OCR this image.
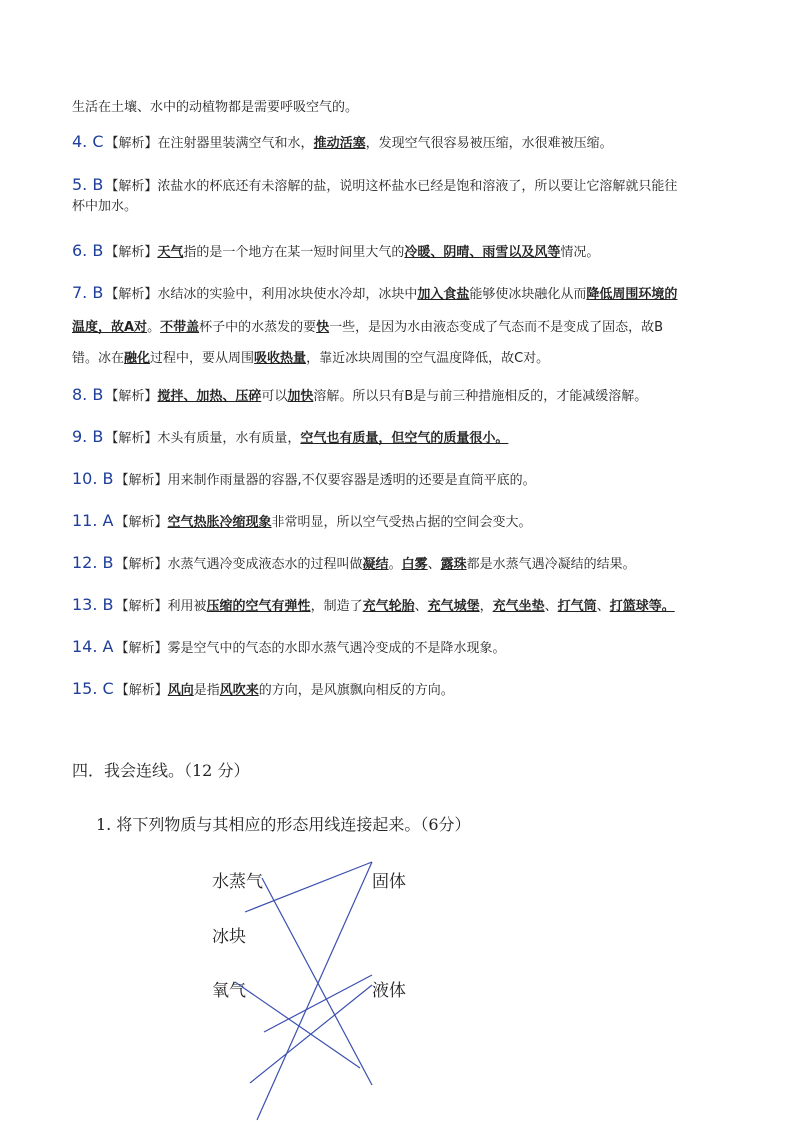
生活在土壤、水中的动植物都是需要呼吸空气的。
4. C 【解析】在注射器里装满空气和水，推动活塞，发现空气很容易被压缩，水很难被压缩。
5. B 【解析】浓盐水的杯底还有未溶解的盐，说明这杯盐水已经是饱和溶液了，所以要让它溶解就只能往
杯中加水。
6. B 【解析】天气指的是一个地方在某一短时间里大气的冷暖、阴晴、雨雪以及风等情况。
7. B 【解析】水结冰的实验中，利用冰块使水冷却，冰块中加入食盐能够使冰块融化从而降低周围环境的
温度，故A对。不带盖杯子中的水蒸发的要快一些，是因为水由液态变成了气态而不是变成了固态，故B
错。冰在融化过程中，要从周围吸收热量，靠近冰块周围的空气温度降低，故C对。
8. B 【解析】搅拌、加热、压碎可以加快溶解。所以只有B是与前三种措施相反的，才能减缓溶解。
9. B 【解析】木头有质量，水有质量，空气也有质量，但空气的质量很小。
10. B 【解析】用来制作雨量器的容器,不仅要容器是透明的还要是直筒平底的。
11. A 【解析】空气热胀冷缩现象非常明显，所以空气受热占据的空间会变大。
12. B 【解析】水蒸气遇冷变成液态水的过程叫做凝结。白雾、露珠都是水蒸气遇冷凝结的结果。
13. B 【解析】利用被压缩的空气有弹性，制造了充气轮胎、充气城堡，充气坐垫、打气筒、打篮球等。
14. A 【解析】雾是空气中的气态的水即水蒸气遇冷变成的不是降水现象。
15. C 【解析】风向是指风吹来的方向，是风旗飘向相反的方向。
四．我会连线。（12 分）
1. 将下列物质与其相应的形态用线连接起来。（6分）
水蒸气
冰块
氧气
固体
液体
